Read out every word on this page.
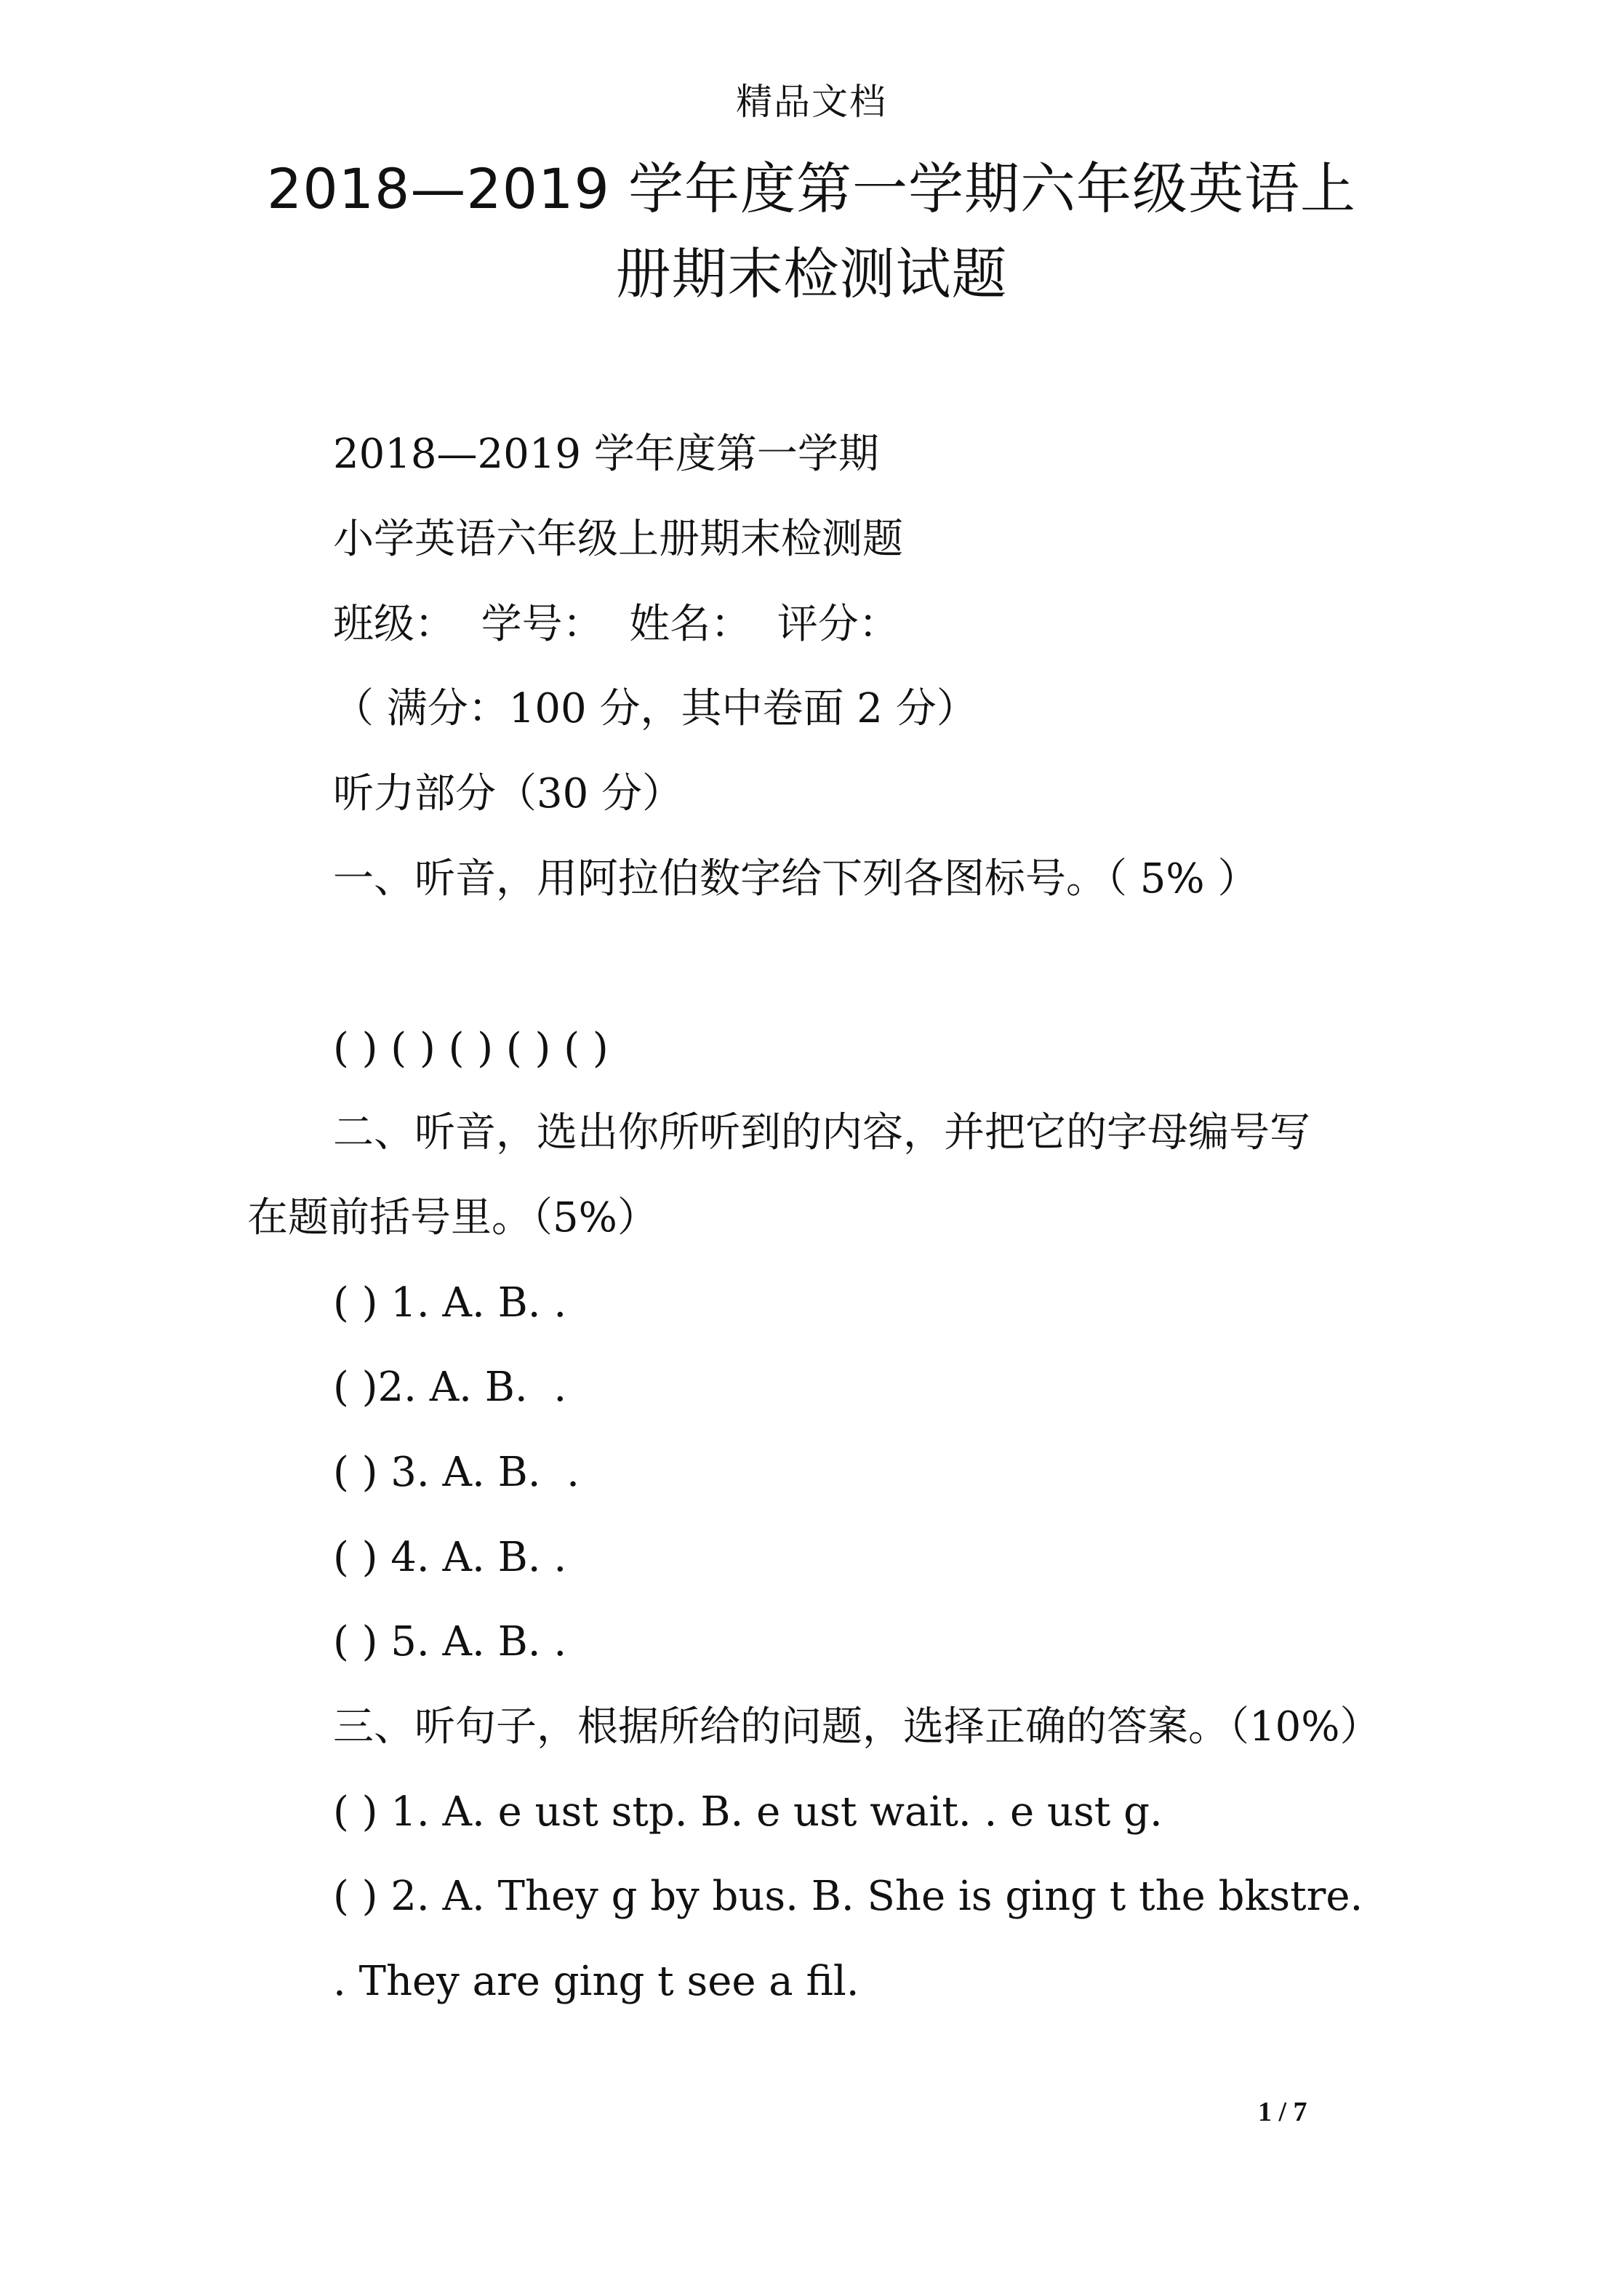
精品文档
2018—2019 学年度第一学期六年级英语上
册期末检测试题
2018—2019 学年度第一学期
小学英语六年级上册期末检测题
班级：  学号：  姓名：  评分：
（ 满分：100 分，其中卷面 2 分）
听力部分（30 分）
一、听音，用阿拉伯数字给下列各图标号。（ 5% ）
( ) ( ) ( ) ( ) ( )
二、听音，选出你所听到的内容，并把它的字母编号写
在题前括号里。（5%）
( ) 1. A. B. .
( )2. A. B.  .
( ) 3. A. B.  .
( ) 4. A. B. .
( ) 5. A. B. .
三、听句子，根据所给的问题，选择正确的答案。（10%）
( ) 1. A. e ust stp. B. e ust wait. . e ust g.
( ) 2. A. They g by bus. B. She is ging t the bkstre.
. They are ging t see a fil.
1 / 7
